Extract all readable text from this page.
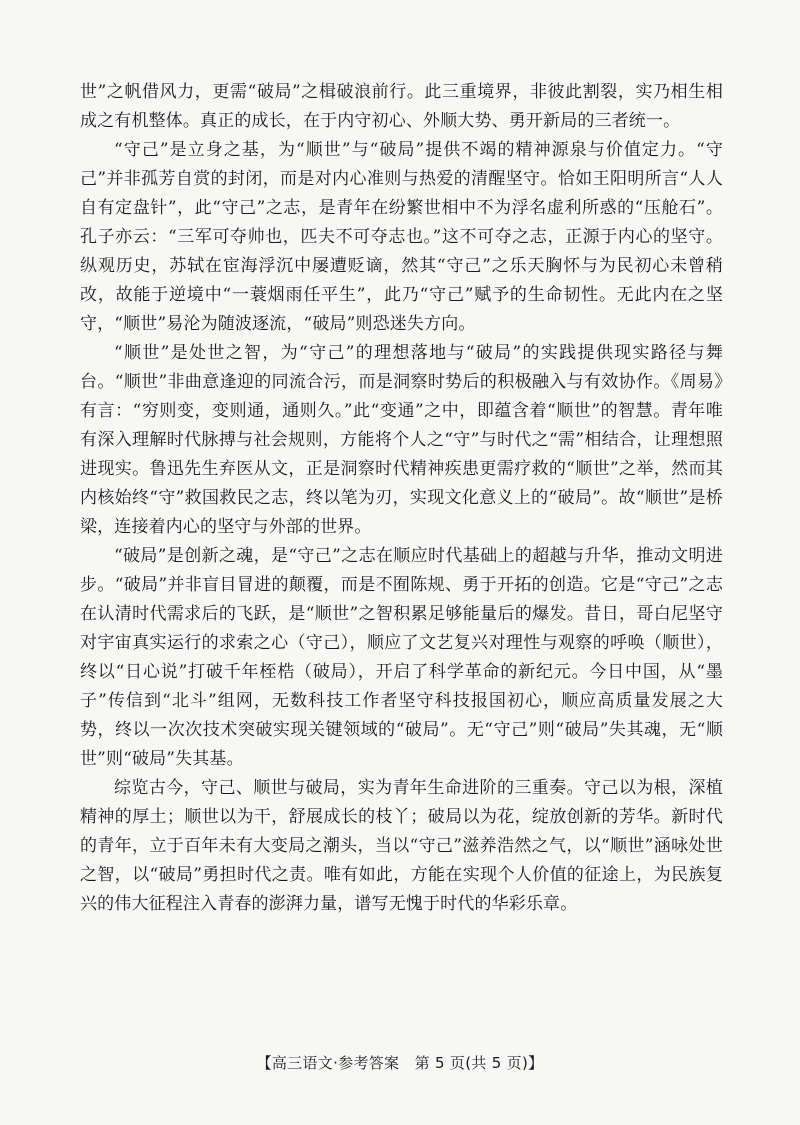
世”之帆借风力，更需“破局”之楫破浪前行。此三重境界，非彼此割裂，实乃相生相成之有机整体。真正的成长，在于内守初心、外顺大势、勇开新局的三者统一。

“守己”是立身之基，为“顺世”与“破局”提供不竭的精神源泉与价值定力。“守己”并非孤芳自赏的封闭，而是对内心准则与热爱的清醒坚守。恰如王阳明所言“人人自有定盘针”，此“守己”之志，是青年在纷繁世相中不为浮名虚利所惑的“压舱石”。孔子亦云：“三军可夺帅也，匹夫不可夺志也。”这不可夺之志，正源于内心的坚守。纵观历史，苏轼在宦海浮沉中屡遭贬谪，然其“守己”之乐天胸怀与为民初心未曾稍改，故能于逆境中“一蓑烟雨任平生”，此乃“守己”赋予的生命韧性。无此内在之坚守，“顺世”易沦为随波逐流，“破局”则恐迷失方向。

“顺世”是处世之智，为“守己”的理想落地与“破局”的实践提供现实路径与舞台。“顺世”非曲意逢迎的同流合污，而是洞察时势后的积极融入与有效协作。《周易》有言：“穷则变，变则通，通则久。”此“变通”之中，即蕴含着“顺世”的智慧。青年唯有深入理解时代脉搏与社会规则，方能将个人之“守”与时代之“需”相结合，让理想照进现实。鲁迅先生弃医从文，正是洞察时代精神疾患更需疗救的“顺世”之举，然而其内核始终“守”救国救民之志，终以笔为刃，实现文化意义上的“破局”。故“顺世”是桥梁，连接着内心的坚守与外部的世界。

“破局”是创新之魂，是“守己”之志在顺应时代基础上的超越与升华，推动文明进步。“破局”并非盲目冒进的颠覆，而是不囿陈规、勇于开拓的创造。它是“守己”之志在认清时代需求后的飞跃，是“顺世”之智积累足够能量后的爆发。昔日，哥白尼坚守对宇宙真实运行的求索之心（守己），顺应了文艺复兴对理性与观察的呼唤（顺世），终以“日心说”打破千年桎梏（破局），开启了科学革命的新纪元。今日中国，从“墨子”传信到“北斗”组网，无数科技工作者坚守科技报国初心，顺应高质量发展之大势，终以一次次技术突破实现关键领域的“破局”。无“守己”则“破局”失其魂，无“顺世”则“破局”失其基。

综览古今，守己、顺世与破局，实为青年生命进阶的三重奏。守己以为根，深植精神的厚土；顺世以为干，舒展成长的枝丫；破局以为花，绽放创新的芳华。新时代的青年，立于百年未有大变局之潮头，当以“守己”滋养浩然之气，以“顺世”涵咏处世之智，以“破局”勇担时代之责。唯有如此，方能在实现个人价值的征途上，为民族复兴的伟大征程注入青春的澎湃力量，谱写无愧于时代的华彩乐章。

【高三语文·参考答案　第 5 页(共 5 页)】
